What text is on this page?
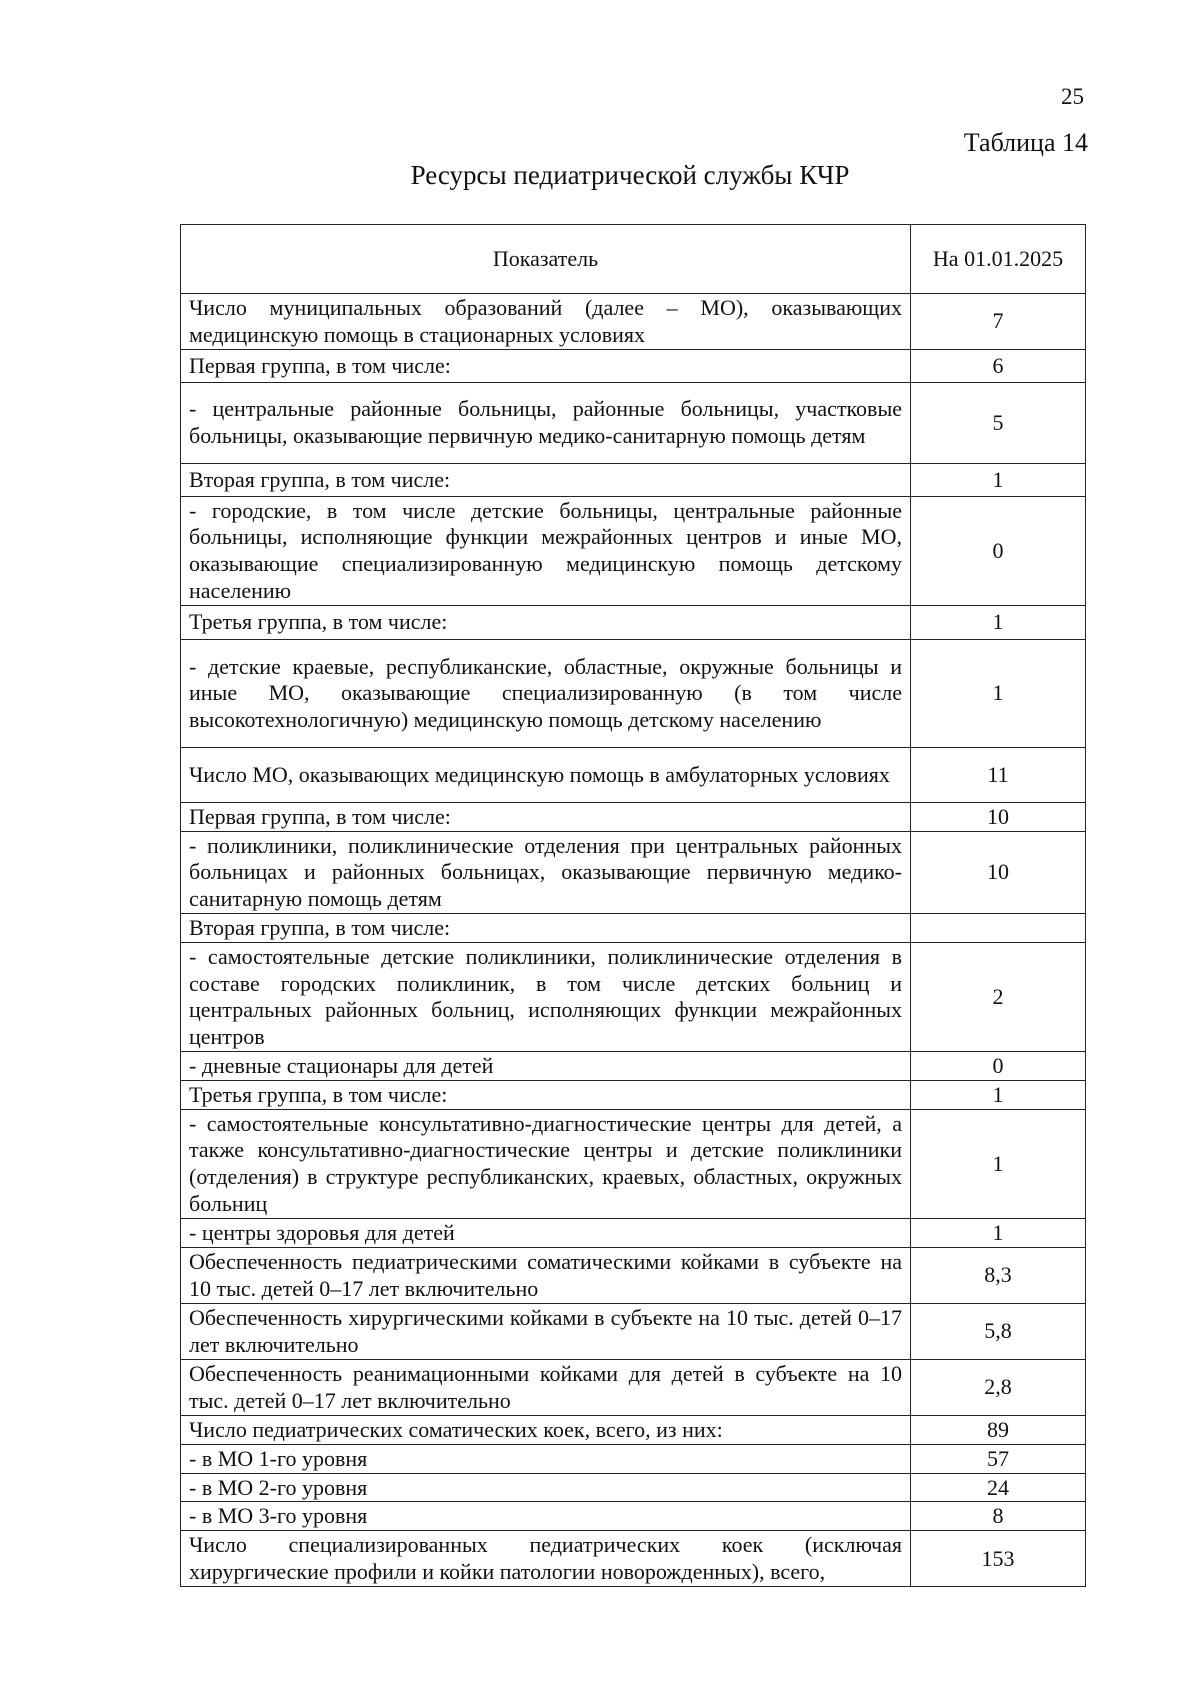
25
Таблица 14
Ресурсы педиатрической службы КЧР
Показатель	На 01.01.2025
Число муниципальных образований (далее – МО), оказывающих медицинскую помощь в стационарных условиях	7
Первая группа, в том числе:	6
- центральные районные больницы, районные больницы, участковые больницы, оказывающие первичную медико-санитарную помощь детям	5
Вторая группа, в том числе:	1
- городские, в том числе детские больницы, центральные районные больницы, исполняющие функции межрайонных центров и иные МО, оказывающие специализированную медицинскую помощь детскому населению	0
Третья группа, в том числе:	1
- детские краевые, республиканские, областные, окружные больницы и иные МО, оказывающие специализированную (в том числе высокотехнологичную) медицинскую помощь детскому населению	1
Число МО, оказывающих медицинскую помощь в амбулаторных условиях	11
Первая группа, в том числе:	10
- поликлиники, поликлинические отделения при центральных районных больницах и районных больницах, оказывающие первичную медико-санитарную помощь детям	10
Вторая группа, в том числе:	
- самостоятельные детские поликлиники, поликлинические отделения в составе городских поликлиник, в том числе детских больниц и центральных районных больниц, исполняющих функции межрайонных центров	2
- дневные стационары для детей	0
Третья группа, в том числе:	1
- самостоятельные консультативно-диагностические центры для детей, а также консультативно-диагностические центры и детские поликлиники (отделения) в структуре республиканских, краевых, областных, окружных больниц	1
- центры здоровья для детей	1
Обеспеченность педиатрическими соматическими койками в субъекте на 10 тыс. детей 0–17 лет включительно	8,3
Обеспеченность хирургическими койками в субъекте на 10 тыс. детей 0–17 лет включительно	5,8
Обеспеченность реанимационными койками для детей в субъекте на 10 тыс. детей 0–17 лет включительно	2,8
Число педиатрических соматических коек, всего, из них:	89
- в МО 1-го уровня	57
- в МО 2-го уровня	24
- в МО 3-го уровня	8
Число специализированных педиатрических коек (исключая хирургические профили и койки патологии новорожденных), всего,	153
